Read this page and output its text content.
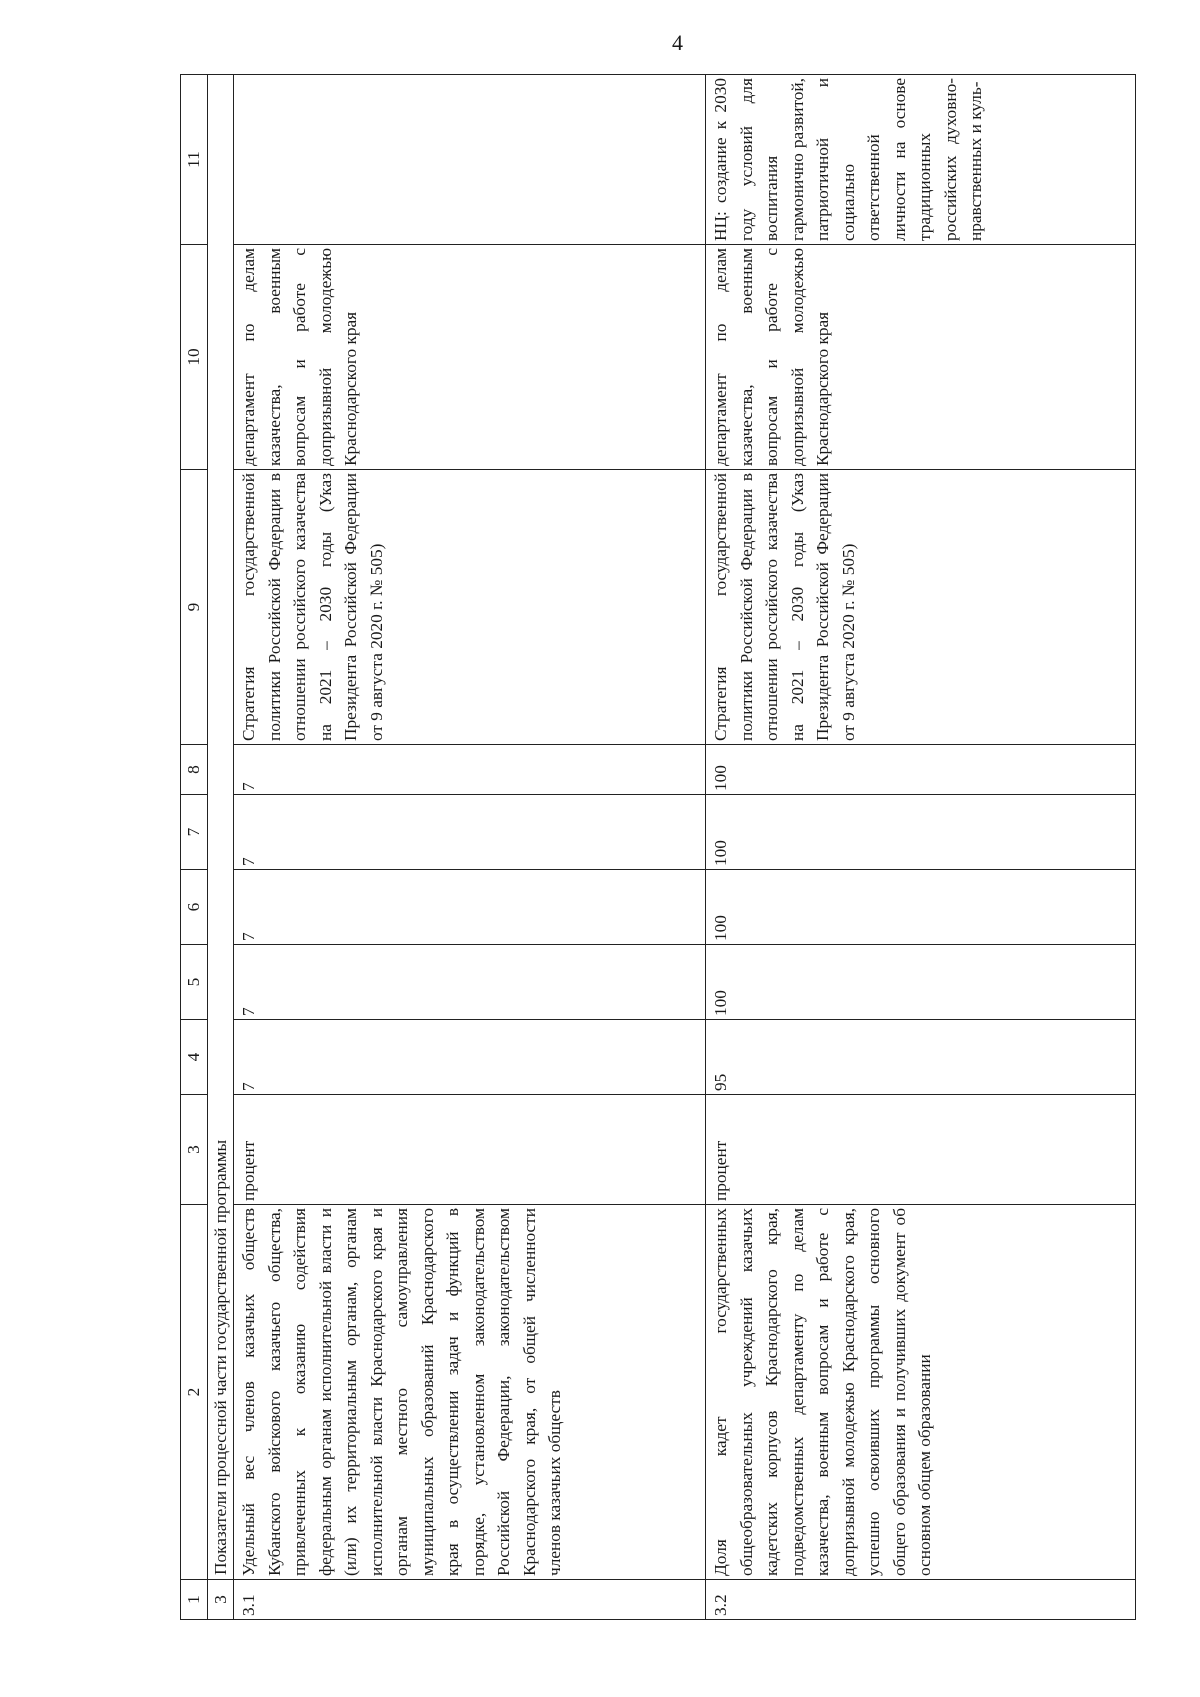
4
1	2	3	4	5	6	7	8	9	10	11
3	Показатели процессной части государственной программы									
3.1	Удельный вес членов казачьих обществ Кубанского войскового казачьего общества, привлеченных к оказанию содействия федеральным органам исполнительной власти и (или) их территориальным органам, органам исполнительной власти Краснодарского края и органам местного самоуправления муниципальных образований Краснодарского края в осуществлении задач и функций в порядке, установленном законодательством Российской Федерации, законодательством Краснодарского края, от общей численности членов казачьих обществ	процент	7	7	7	7	7	Стратегия государственной политики Российской Федерации в отношении российского казачества на 2021 – 2030 годы (Указ Президента Российской Федерации от 9 августа 2020 г. № 505)	департамент по делам казачества, военным вопросам и работе с допризывной молодежью Краснодарского края	
3.2	Доля кадет государственных общеобразовательных учреждений казачьих кадетских корпусов Краснодарского края, подведомственных департаменту по делам казачества, военным вопросам и работе с допризывной молодежью Краснодарского края, успешно освоивших программы основного общего образования и получивших документ об основном общем образовании	процент	95	100	100	100	100	Стратегия государственной политики Российской Федерации в отношении российского казачества на 2021 – 2030 годы (Указ Президента Российской Федерации от 9 августа 2020 г. № 505)	департамент по делам казачества, военным вопросам и работе с допризывной молодежью Краснодарского края	НЦ: создание к 2030 году условий для воспитания гармонично развитой, патриотичной и социально ответственной личности на основе традиционных российских духовно-нравственных и куль-
